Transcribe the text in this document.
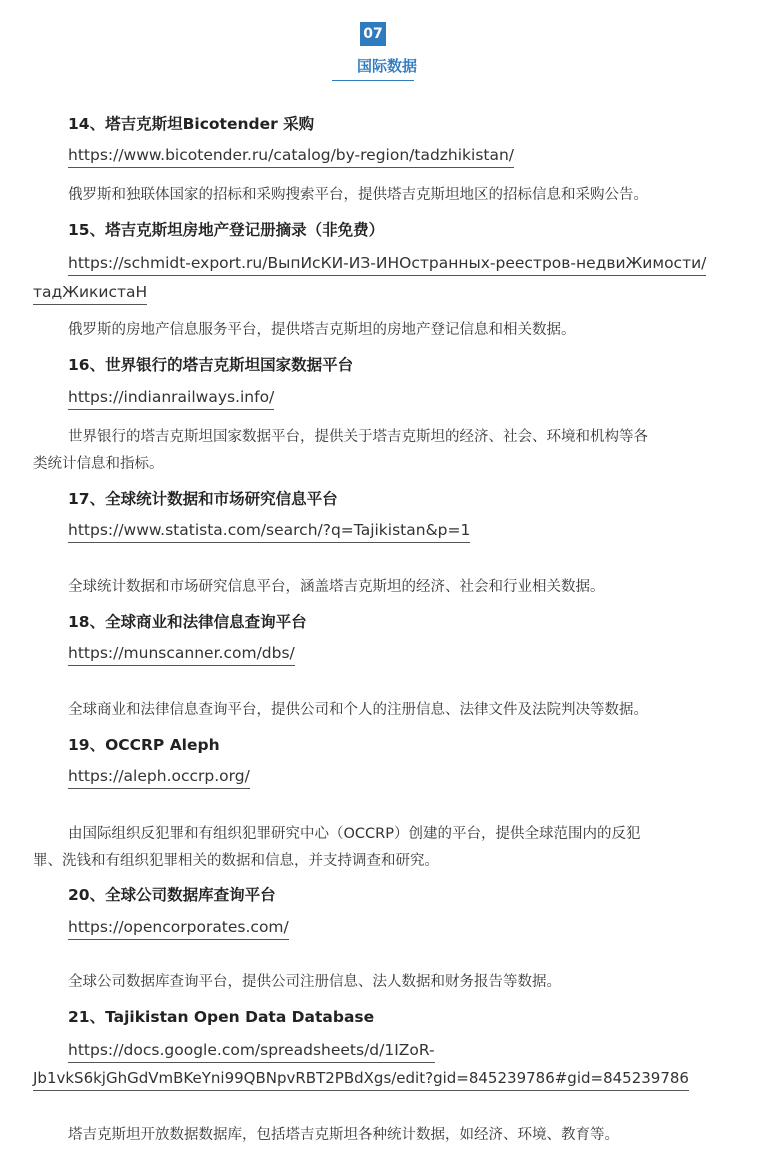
07
国际数据
14、塔吉克斯坦Bicotender 采购
https://www.bicotender.ru/catalog/by-region/tadzhikistan/
俄罗斯和独联体国家的招标和采购搜索平台，提供塔吉克斯坦地区的招标信息和采购公告。
15、塔吉克斯坦房地产登记册摘录（非免费）
https://schmidt-export.ru/ВыпИсКИ-ИЗ-ИНОстранных-реестров-недвиЖимости/
тадЖикистаН
俄罗斯的房地产信息服务平台，提供塔吉克斯坦的房地产登记信息和相关数据。
16、世界银行的塔吉克斯坦国家数据平台
https://indianrailways.info/
世界银行的塔吉克斯坦国家数据平台，提供关于塔吉克斯坦的经济、社会、环境和机构等各
类统计信息和指标。
17、全球统计数据和市场研究信息平台
https://www.statista.com/search/?q=Tajikistan&p=1
全球统计数据和市场研究信息平台，涵盖塔吉克斯坦的经济、社会和行业相关数据。
18、全球商业和法律信息查询平台
https://munscanner.com/dbs/
全球商业和法律信息查询平台，提供公司和个人的注册信息、法律文件及法院判决等数据。
19、OCCRP Aleph
https://aleph.occrp.org/
由国际组织反犯罪和有组织犯罪研究中心（OCCRP）创建的平台，提供全球范围内的反犯
罪、洗钱和有组织犯罪相关的数据和信息，并支持调查和研究。
20、全球公司数据库查询平台
https://opencorporates.com/
全球公司数据库查询平台，提供公司注册信息、法人数据和财务报告等数据。
21、Tajikistan Open Data Database
https://docs.google.com/spreadsheets/d/1IZoR-
Jb1vkS6kjGhGdVmBKeYni99QBNpvRBT2PBdXgs/edit?gid=845239786#gid=845239786
塔吉克斯坦开放数据数据库，包括塔吉克斯坦各种统计数据，如经济、环境、教育等。
